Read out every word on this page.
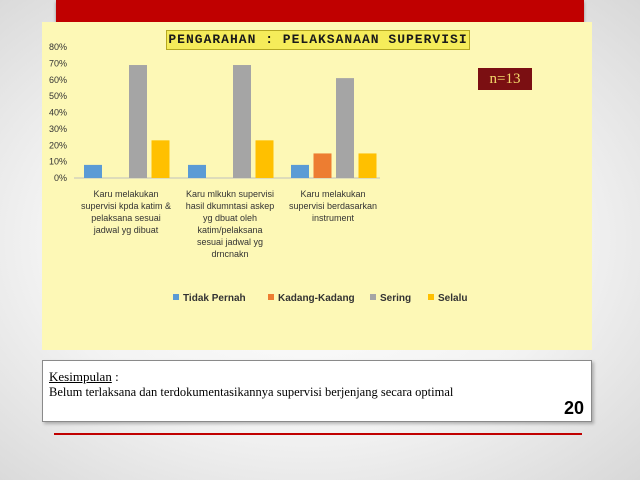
0%
10%
20%
30%
40%
50%
60%
70%
80%
Karu melakukan supervisi kpda katim & pelaksana sesuai jadwal yg dibuat
Karu mlkukn supervisi hasil dkumntasi askep yg dbuat oleh katim/pelaksana sesuai jadwal yg drncnakn
Karu melakukan supervisi berdasarkan instrument
Tidak Pernah	Kadang-Kadang	Sering	Selalu
PENGARAHAN : PELAKSANAAN SUPERVISI
n=13
Kesimpulan :
Belum terlaksana dan terdokumentasikannya supervisi berjenjang secara optimal
20
